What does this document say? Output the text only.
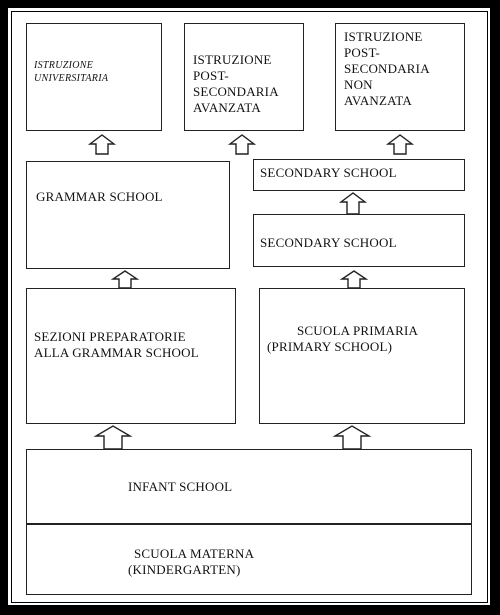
ISTRUZIONE
UNIVERSITARIA
ISTRUZIONE
POST-
SECONDARIA
AVANZATA
ISTRUZIONE
POST-
SECONDARIA
NON
AVANZATA
GRAMMAR SCHOOL
SECONDARY SCHOOL
SECONDARY SCHOOL
SEZIONI PREPARATORIE
ALLA GRAMMAR SCHOOL
SCUOLA PRIMARIA
(PRIMARY SCHOOL)
INFANT SCHOOL
SCUOLA MATERNA
(KINDERGARTEN)
